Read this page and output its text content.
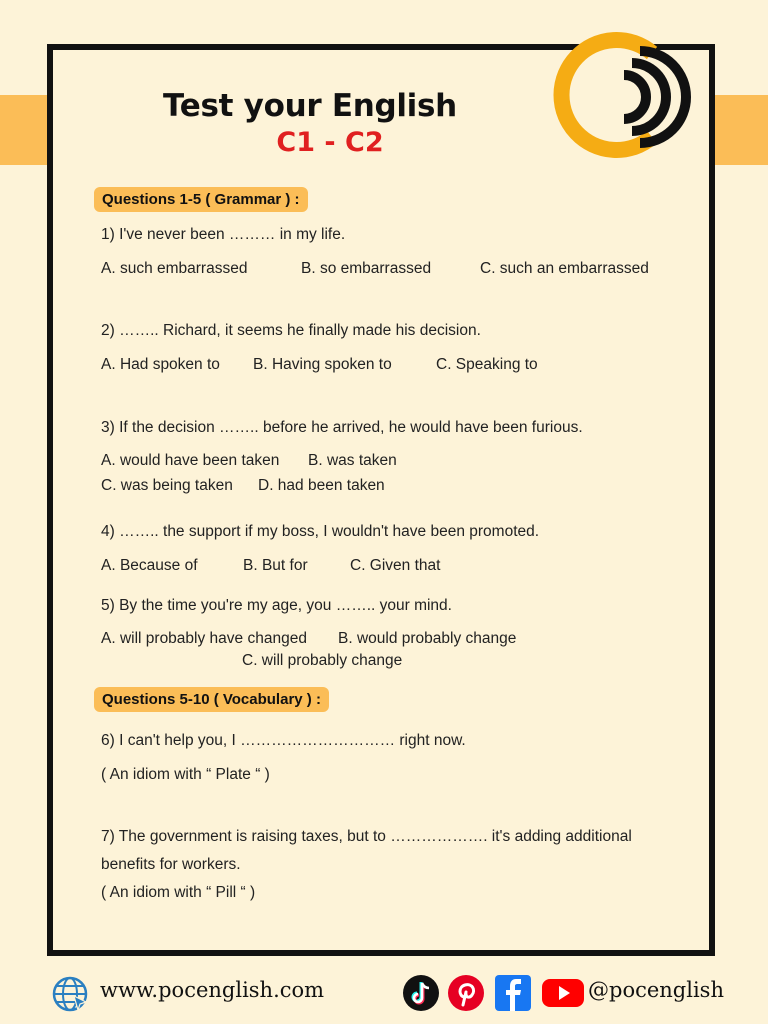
Test your English
C1 - C2
Questions 1-5 ( Grammar ) :
1) I've never been ……… in my life.
A. such embarrassed	B. so embarrassed	C. such an embarrassed
2) …….. Richard, it seems he finally made his decision.
A. Had spoken to B. Having spoken to	C. Speaking to
3) If the decision …….. before he arrived, he would have been furious.
A. would have been taken B. was taken
C. was being taken D. had been taken
4) …….. the support if my boss, I wouldn't have been promoted.
A. Because of	B. But for	C. Given that
5) By the time you're my age, you …….. your mind.
A. will probably have changed B. would probably change
C. will probably change
Questions 5-10 ( Vocabulary ) :
6) I can't help you, I ………………………… right now.
( An idiom with “ Plate “ )
7) The government is raising taxes, but to ………………. it's adding additional
benefits for workers.
( An idiom with “ Pill “ )
www.pocenglish.com	@pocenglish
